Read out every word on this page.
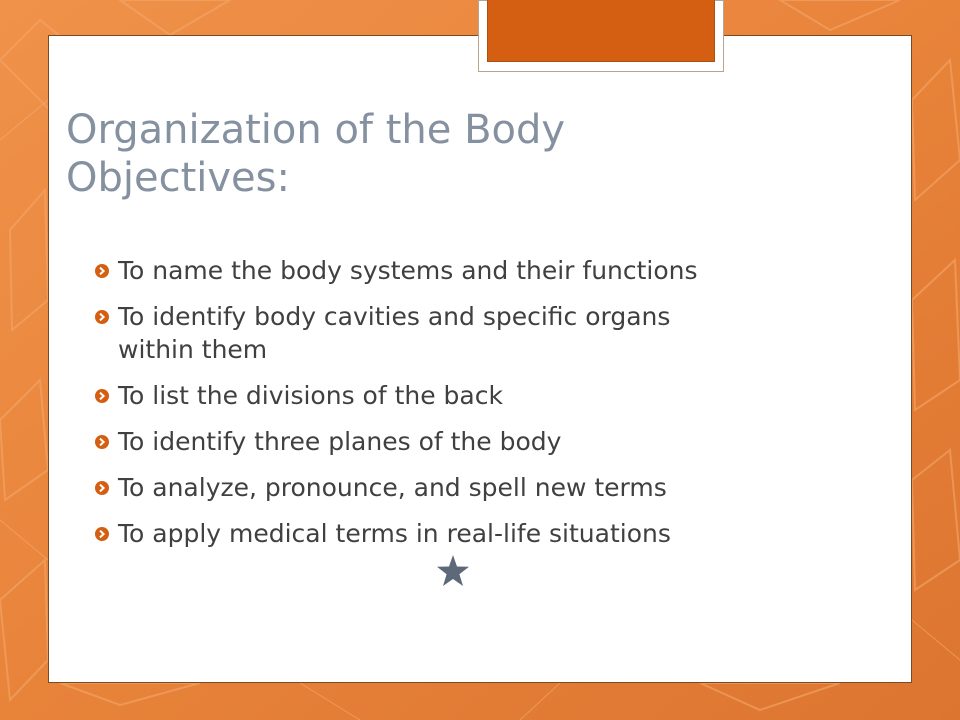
Organization of the Body
Objectives:
To name the body systems and their functions
To identify body cavities and specific organs
within them
To list the divisions of the back
To identify three planes of the body
To analyze, pronounce, and spell new terms
To apply medical terms in real-life situations
